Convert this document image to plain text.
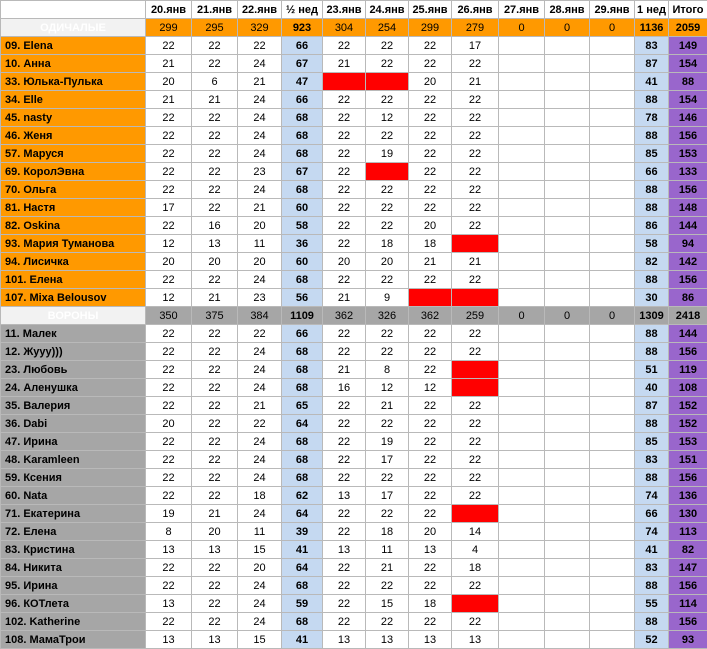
	20.янв	21.янв	22.янв	½ нед	23.янв	24.янв	25.янв	26.янв	27.янв	28.янв	29.янв	1 нед	Итого
ОДИЧАЛЫЕ	299	295	329	923	304	254	299	279	0	0	0	1136	2059
09. Elena	22	22	22	66	22	22	22	17				83	149
10. Анна	21	22	24	67	21	22	22	22				87	154
33. Юлька-Пулька	20	6	21	47			20	21				41	88
34. Elle	21	21	24	66	22	22	22	22				88	154
45. nasty	22	22	24	68	22	12	22	22				78	146
46. Женя	22	22	24	68	22	22	22	22				88	156
57. Маруся	22	22	24	68	22	19	22	22				85	153
69. КоролЭвна	22	22	23	67	22		22	22				66	133
70. Ольга	22	22	24	68	22	22	22	22				88	156
81. Настя	17	22	21	60	22	22	22	22				88	148
82. Oskina	22	16	20	58	22	22	20	22				86	144
93. Мария Туманова	12	13	11	36	22	18	18					58	94
94. Лисичка	20	20	20	60	20	20	21	21				82	142
101. Елена	22	22	24	68	22	22	22	22				88	156
107. Mixa Belousov	12	21	23	56	21	9						30	86
ВОРОНЫ	350	375	384	1109	362	326	362	259	0	0	0	1309	2418
11. Малек	22	22	22	66	22	22	22	22				88	144
12. Жууу)))	22	22	24	68	22	22	22	22				88	156
23. Любовь	22	22	24	68	21	8	22					51	119
24. Аленушка	22	22	24	68	16	12	12					40	108
35. Валерия	22	22	21	65	22	21	22	22				87	152
36. Dabi	20	22	22	64	22	22	22	22				88	152
47. Ирина	22	22	24	68	22	19	22	22				85	153
48. Karamleen	22	22	24	68	22	17	22	22				83	151
59. Ксения	22	22	24	68	22	22	22	22				88	156
60. Nata	22	22	18	62	13	17	22	22				74	136
71. Екатерина	19	21	24	64	22	22	22					66	130
72. Елена	8	20	11	39	22	18	20	14				74	113
83. Кристина	13	13	15	41	13	11	13	4				41	82
84. Никита	22	22	20	64	22	21	22	18				83	147
95. Ирина	22	22	24	68	22	22	22	22				88	156
96. КОТлета	13	22	24	59	22	15	18					55	114
102. Katherine	22	22	24	68	22	22	22	22				88	156
108. МамаТрои	13	13	15	41	13	13	13	13				52	93
